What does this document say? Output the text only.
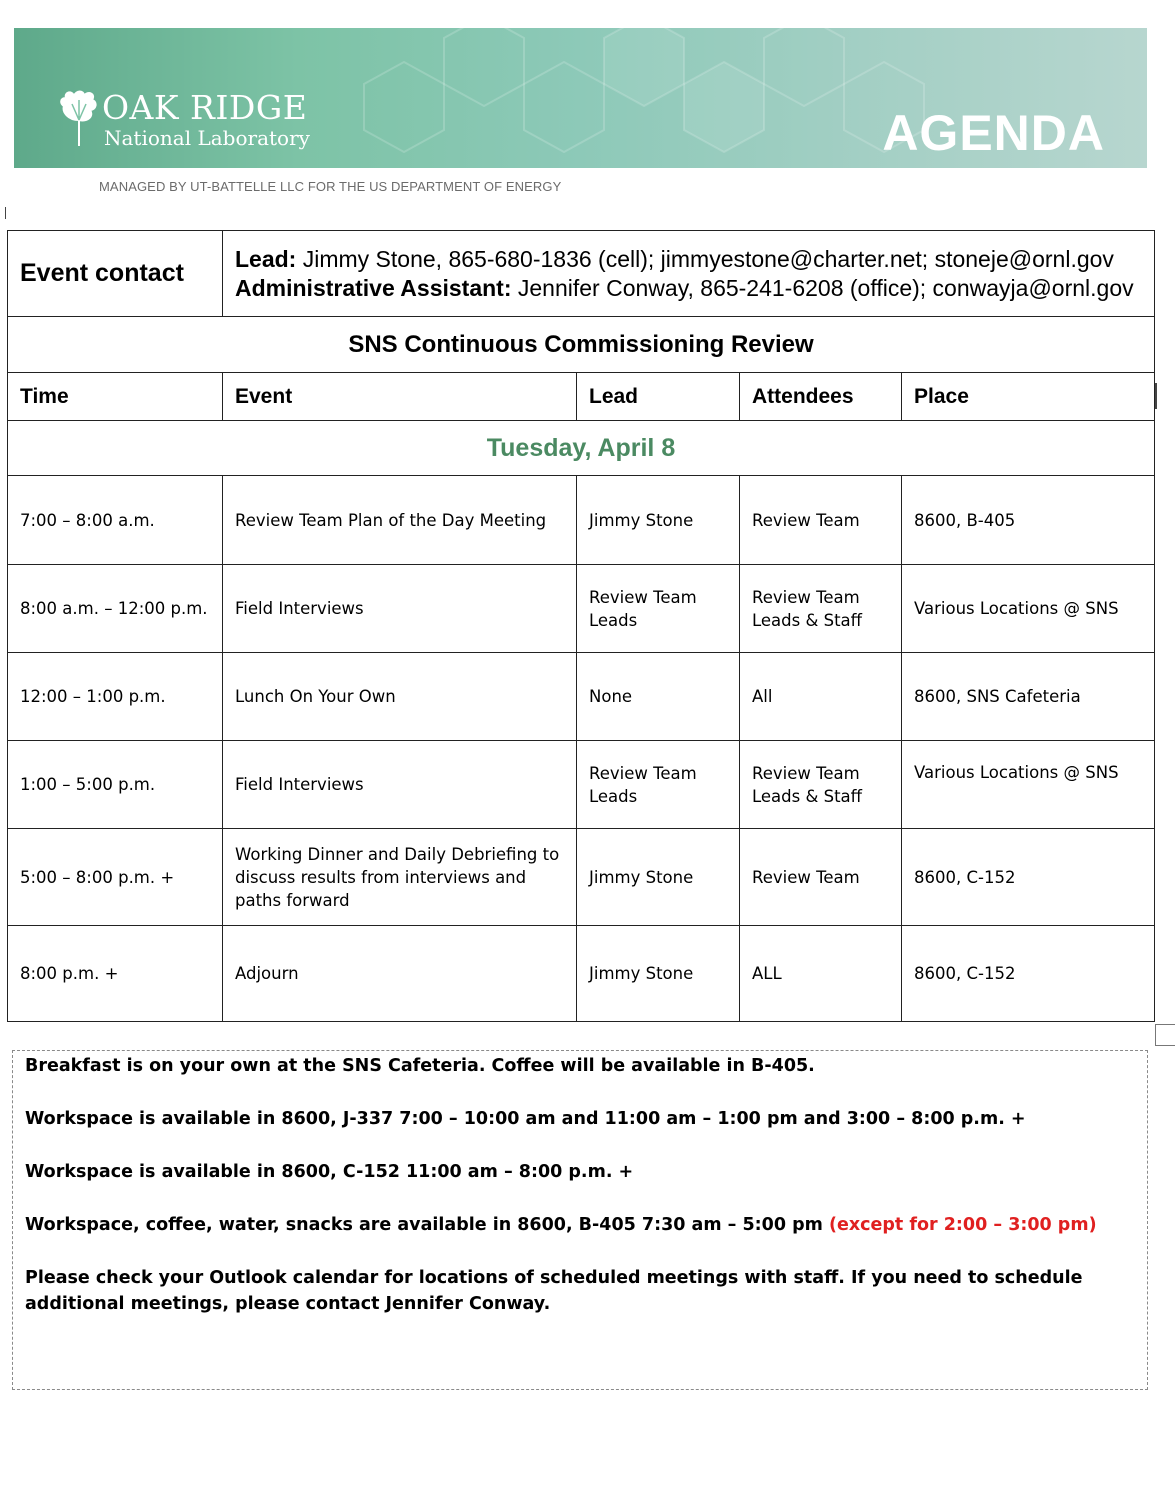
OAK RIDGE
National Laboratory	AGENDA
MANAGED BY UT-BATTELLE LLC FOR THE US DEPARTMENT OF ENERGY
Event contact	Lead: Jimmy Stone, 865-680-1836 (cell); jimmyestone@charter.net; stoneje@ornl.gov
Administrative Assistant: Jennifer Conway, 865-241-6208 (office); conwayja@ornl.gov			

SNS Continuous Commissioning Review				
Time	Event	Lead	Attendees	Place
Tuesday, April 8				
7:00 – 8:00 a.m.	Review Team Plan of the Day Meeting	Jimmy Stone	Review Team	8600, B-405
8:00 a.m. – 12:00 p.m.	Field Interviews	Review Team Leads	Review Team Leads & Staff	Various Locations @ SNS
12:00 – 1:00 p.m.	Lunch On Your Own	None	All	8600, SNS Cafeteria
1:00 – 5:00 p.m.	Field Interviews	Review Team Leads	Review Team Leads & Staff	Various Locations @ SNS
5:00 – 8:00 p.m. +	Working Dinner and Daily Debriefing to discuss results from interviews and paths forward	Jimmy Stone	Review Team	8600, C-152
8:00 p.m. +	Adjourn	Jimmy Stone	ALL	8600, C-152

Breakfast is on your own at the SNS Cafeteria. Coffee will be available in B-405.

Workspace is available in 8600, J-337 7:00 – 10:00 am and 11:00 am – 1:00 pm and 3:00 – 8:00 p.m. +

Workspace is available in 8600, C-152 11:00 am – 8:00 p.m. +

Workspace, coffee, water, snacks are available in 8600, B-405 7:30 am – 5:00 pm (except for 2:00 – 3:00 pm)

Please check your Outlook calendar for locations of scheduled meetings with staff. If you need to schedule additional meetings, please contact Jennifer Conway.
